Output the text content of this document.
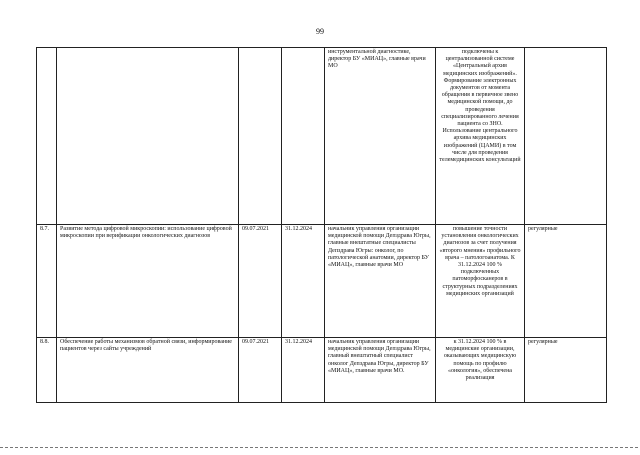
99
				инструментальной диагностике, директор БУ «МИАЦ», главные врачи МО	подключены к централизованной системе «Центральный архив медицинских изображений». Формирование электронных документов от момента обращения в первичное звено медицинской помощи, до проведения специализированного лечения пациента со ЗНО. Использование центрального архива медицинских изображений (ЦАМИ) в том числе для проведения телемедицинских консультаций	
8.7.	Развитие метода цифровой микроскопии: использование цифровой микроскопии при верификации онкологических диагнозов	09.07.2021	31.12.2024	начальник управления организации медицинской помощи Депздрава Югры, главные внештатные специалисты Депздрава Югры: онколог, по патологической анатомии, директор БУ «МИАЦ», главные врачи МО	повышение точности установления онкологических диагнозов за счет получения «второго мнения» профильного врача – патологоанатома. К 31.12.2024 100 % подключенных патоморфосканеров в структурных подразделениях медицинских организаций	регулярные
8.8.	Обеспечение работы механизмов обратной связи, информирование пациентов через сайты учреждений	09.07.2021	31.12.2024	начальник управления организации медицинской помощи Депздрава Югры, главный внештатный специалист онколог Депздрава Югры, директор БУ «МИАЦ», главные врачи МО.	к 31.12.2024 100 % в медицинские организации, оказывающих медицинскую помощь по профилю «онкология», обеспечена реализация	регулярные
